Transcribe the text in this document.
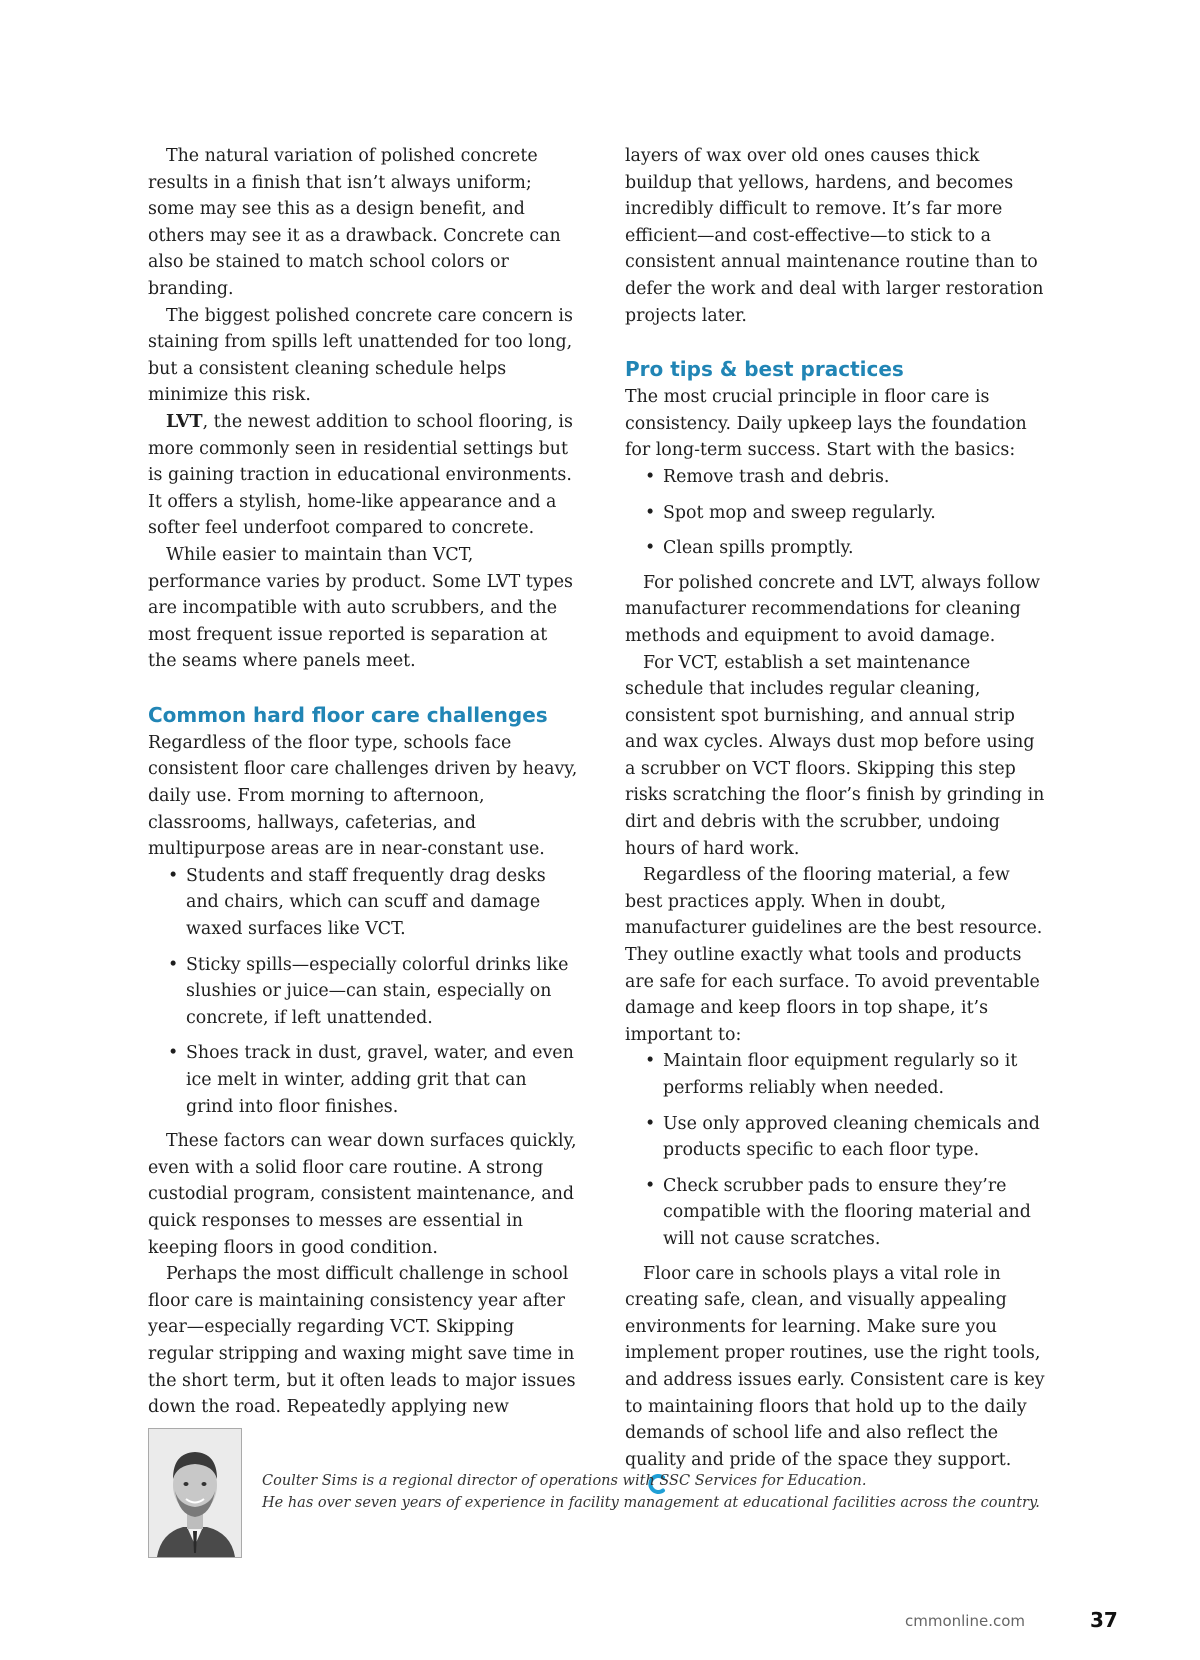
The natural variation of polished concrete results in a finish that isn’t always uniform; some may see this as a design benefit, and others may see it as a drawback. Concrete can also be stained to match school colors or branding.

The biggest polished concrete care concern is staining from spills left unattended for too long, but a consistent cleaning schedule helps minimize this risk.

LVT, the newest addition to school flooring, is more commonly seen in residential settings but is gaining traction in educational environments. It offers a stylish, home-like appearance and a softer feel underfoot compared to concrete.

While easier to maintain than VCT, performance varies by product. Some LVT types are incompatible with auto scrubbers, and the most frequent issue reported is separation at the seams where panels meet.

Common hard floor care challenges

Regardless of the floor type, schools face consistent floor care challenges driven by heavy, daily use. From morning to afternoon, classrooms, hallways, cafeterias, and multipurpose areas are in near-constant use.

• Students and staff frequently drag desks and chairs, which can scuff and damage waxed surfaces like VCT.
• Sticky spills—especially colorful drinks like slushies or juice—can stain, especially on concrete, if left unattended.
• Shoes track in dust, gravel, water, and even ice melt in winter, adding grit that can grind into floor finishes.

These factors can wear down surfaces quickly, even with a solid floor care routine. A strong custodial program, consistent maintenance, and quick responses to messes are essential in keeping floors in good condition.

Perhaps the most difficult challenge in school floor care is maintaining consistency year after year—especially regarding VCT. Skipping regular stripping and waxing might save time in the short term, but it often leads to major issues down the road. Repeatedly applying new

layers of wax over old ones causes thick buildup that yellows, hardens, and becomes incredibly difficult to remove. It’s far more efficient—and cost-effective—to stick to a consistent annual maintenance routine than to defer the work and deal with larger restoration projects later.

Pro tips & best practices

The most crucial principle in floor care is consistency. Daily upkeep lays the foundation for long-term success. Start with the basics:

• Remove trash and debris.
• Spot mop and sweep regularly.
• Clean spills promptly.

For polished concrete and LVT, always follow manufacturer recommendations for cleaning methods and equipment to avoid damage.

For VCT, establish a set maintenance schedule that includes regular cleaning, consistent spot burnishing, and annual strip and wax cycles. Always dust mop before using a scrubber on VCT floors. Skipping this step risks scratching the floor’s finish by grinding in dirt and debris with the scrubber, undoing hours of hard work.

Regardless of the flooring material, a few best practices apply. When in doubt, manufacturer guidelines are the best resource. They outline exactly what tools and products are safe for each surface. To avoid preventable damage and keep floors in top shape, it’s important to:

• Maintain floor equipment regularly so it performs reliably when needed.
• Use only approved cleaning chemicals and products specific to each floor type.
• Check scrubber pads to ensure they’re compatible with the flooring material and will not cause scratches.

Floor care in schools plays a vital role in creating safe, clean, and visually appealing environments for learning. Make sure you implement proper routines, use the right tools, and address issues early. Consistent care is key to maintaining floors that hold up to the daily demands of school life and also reflect the quality and pride of the space they support.

Coulter Sims is a regional director of operations with SSC Services for Education.

He has over seven years of experience in facility management at educational facilities across the country.

cmmonline.com	37
